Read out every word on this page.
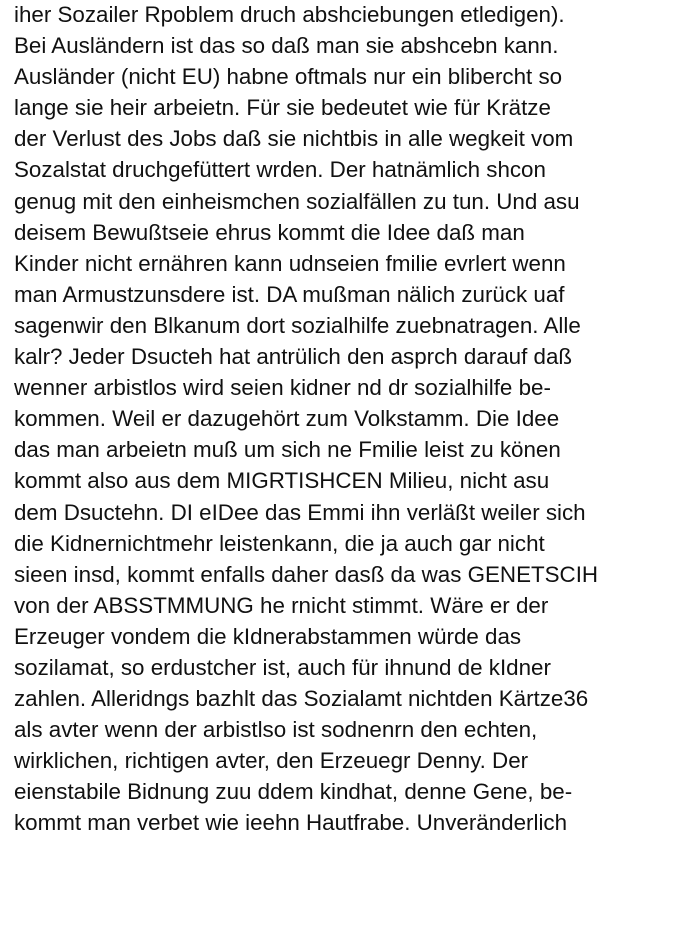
iher Sozailer Rpoblem druch abshciebungen etledigen).
Bei Ausländern ist das so daß man sie abshcebn kann.
Ausländer (nicht EU) habne oftmals nur ein blibercht so
lange sie heir arbeietn. Für sie bedeutet wie für Krätze
der Verlust des Jobs daß sie nichtbis in alle wegkeit vom
Sozalstat druchgefüttert wrden. Der hatnämlich shcon
genug mit den einheismchen sozialfällen zu tun. Und asu
deisem Bewußtseie ehrus kommt die Idee daß man
Kinder nicht ernähren kann udnseien fmilie evrlert wenn
man Armustzunsdere ist. DA mußman nälich zurück uaf
sagenwir den Blkanum dort sozialhilfe zuebnatragen. Alle
kalr? Jeder Dsucteh hat antrülich den asprch darauf daß
wenner arbistlos wird seien kidner nd dr sozialhilfe be-
kommen. Weil er dazugehört zum Volkstamm. Die Idee
das man arbeietn muß um sich ne Fmilie leist zu könen
kommt also aus dem MIGRTISHCEN Milieu, nicht asu
dem Dsuctehn. DI eIDee das Emmi ihn verläßt weiler sich
die Kidnernichtmehr leistenkann, die ja auch gar nicht
sieen insd, kommt enfalls daher dasß da was GENETSCIH
von der ABSSTMMUNG he rnicht stimmt. Wäre er der
Erzeuger vondem die kIdnerabstammen würde das
sozilamat, so erdustcher ist, auch für ihnund de kIdner
zahlen. Alleridngs bazhlt das Sozialamt nichtden Kärtze36
als avter wenn der arbistlso ist sodnenrn den echten,
wirklichen, richtigen avter, den Erzeuegr Denny. Der
eienstabile Bidnung zuu ddem kindhat, denne Gene, be-
kommt man verbet wie ieehn Hautfrabe. Unveränderlich
